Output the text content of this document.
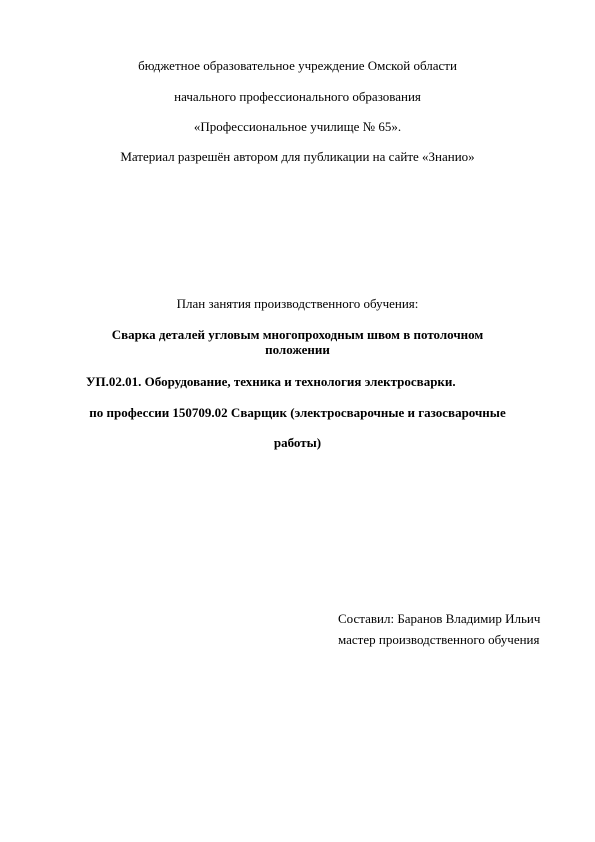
бюджетное образовательное учреждение Омской области
начального профессионального образования
«Профессиональное училище № 65».
Материал разрешён автором для публикации на сайте «Знанио»
План занятия производственного обучения:
Сварка деталей угловым многопроходным швом в потолочном
положении
УП.02.01. Оборудование, техника и технология электросварки.
по профессии 150709.02 Сварщик (электросварочные и газосварочные
работы)
Составил: Баранов Владимир Ильич
мастер производственного обучения
